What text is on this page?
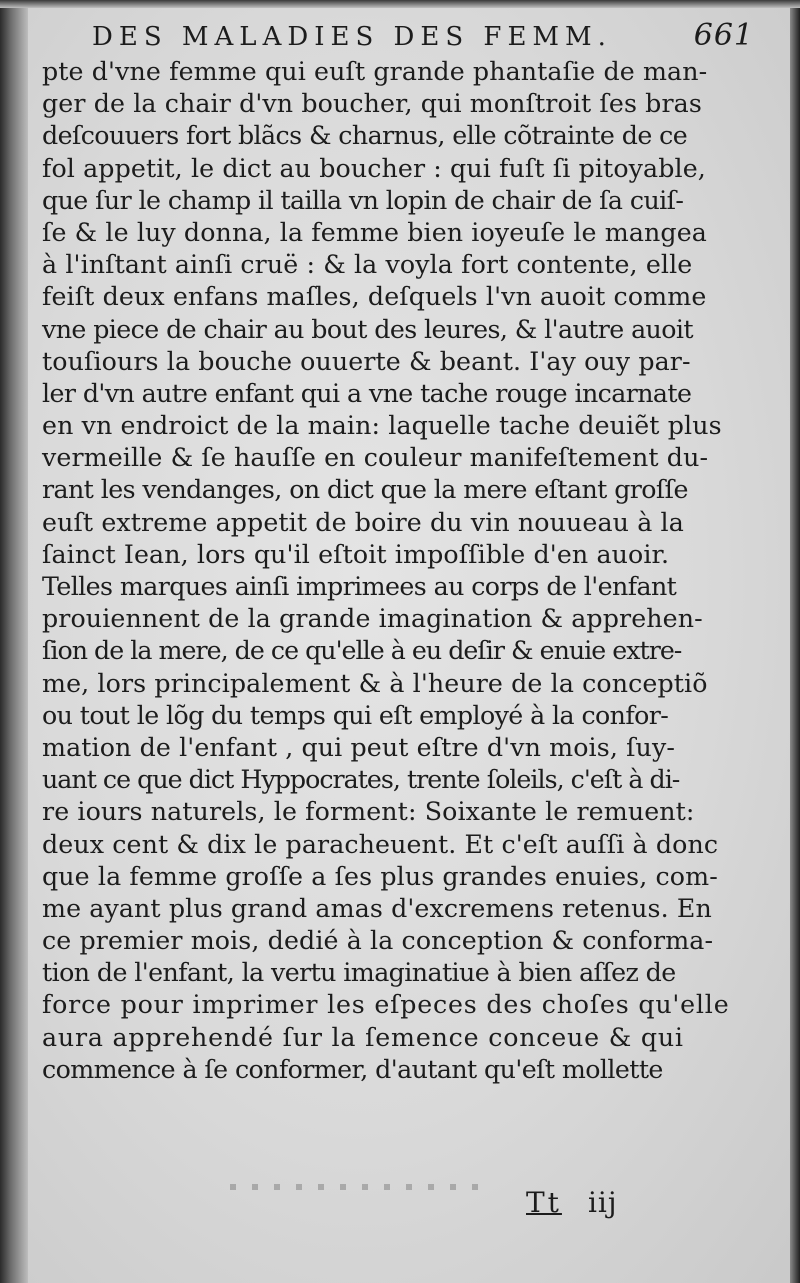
DES MALADIES DES FEMM.	661
pte d'vne femme qui euſt grande phantaſie de man-
ger de la chair d'vn boucher, qui monſtroit ſes bras
deſcouuers fort blãcs & charnus, elle cõtrainte de ce
fol appetit, le dict au boucher : qui fuſt ſi pitoyable,
que ſur le champ il tailla vn lopin de chair de ſa cuiſ-
ſe & le luy donna, la femme bien ioyeuſe le mangea
à l'inſtant ainſi cruë : & la voyla fort contente, elle
feiſt deux enfans maſles, deſquels l'vn auoit comme
vne piece de chair au bout des leures, & l'autre auoit
touſiours la bouche ouuerte & beant. I'ay ouy par-
ler d'vn autre enfant qui a vne tache rouge incarnate
en vn endroict de la main: laquelle tache deuiẽt plus
vermeille & ſe hauſſe en couleur manifeſtement du-
rant les vendanges, on dict que la mere eſtant groſſe
euſt extreme appetit de boire du vin nouueau à la
ſainct Iean, lors qu'il eſtoit impoſſible d'en auoir.
Telles marques ainſi imprimees au corps de l'enfant
prouiennent de la grande imagination & apprehen-
ſion de la mere, de ce qu'elle à eu deſir & enuie extre-
me, lors principalement & à l'heure de la conceptiõ
ou tout le lõg du temps qui eſt employé à la confor-
mation de l'enfant , qui peut eſtre d'vn mois, ſuy-
uant ce que dict Hyppocrates, trente ſoleils, c'eſt à di-
re iours naturels, le forment: Soixante le remuent:
deux cent & dix le paracheuent. Et c'eſt auſſi à donc
que la femme groſſe a ſes plus grandes enuies, com-
me ayant plus grand amas d'excremens retenus. En
ce premier mois, dedié à la conception & conforma-
tion de l'enfant, la vertu imaginatiue à bien aſſez de
force pour imprimer les eſpeces des choſes qu'elle
aura apprehendé ſur la ſemence conceue & qui
commence à ſe conformer, d'autant qu'eſt mollette
Tt iij
